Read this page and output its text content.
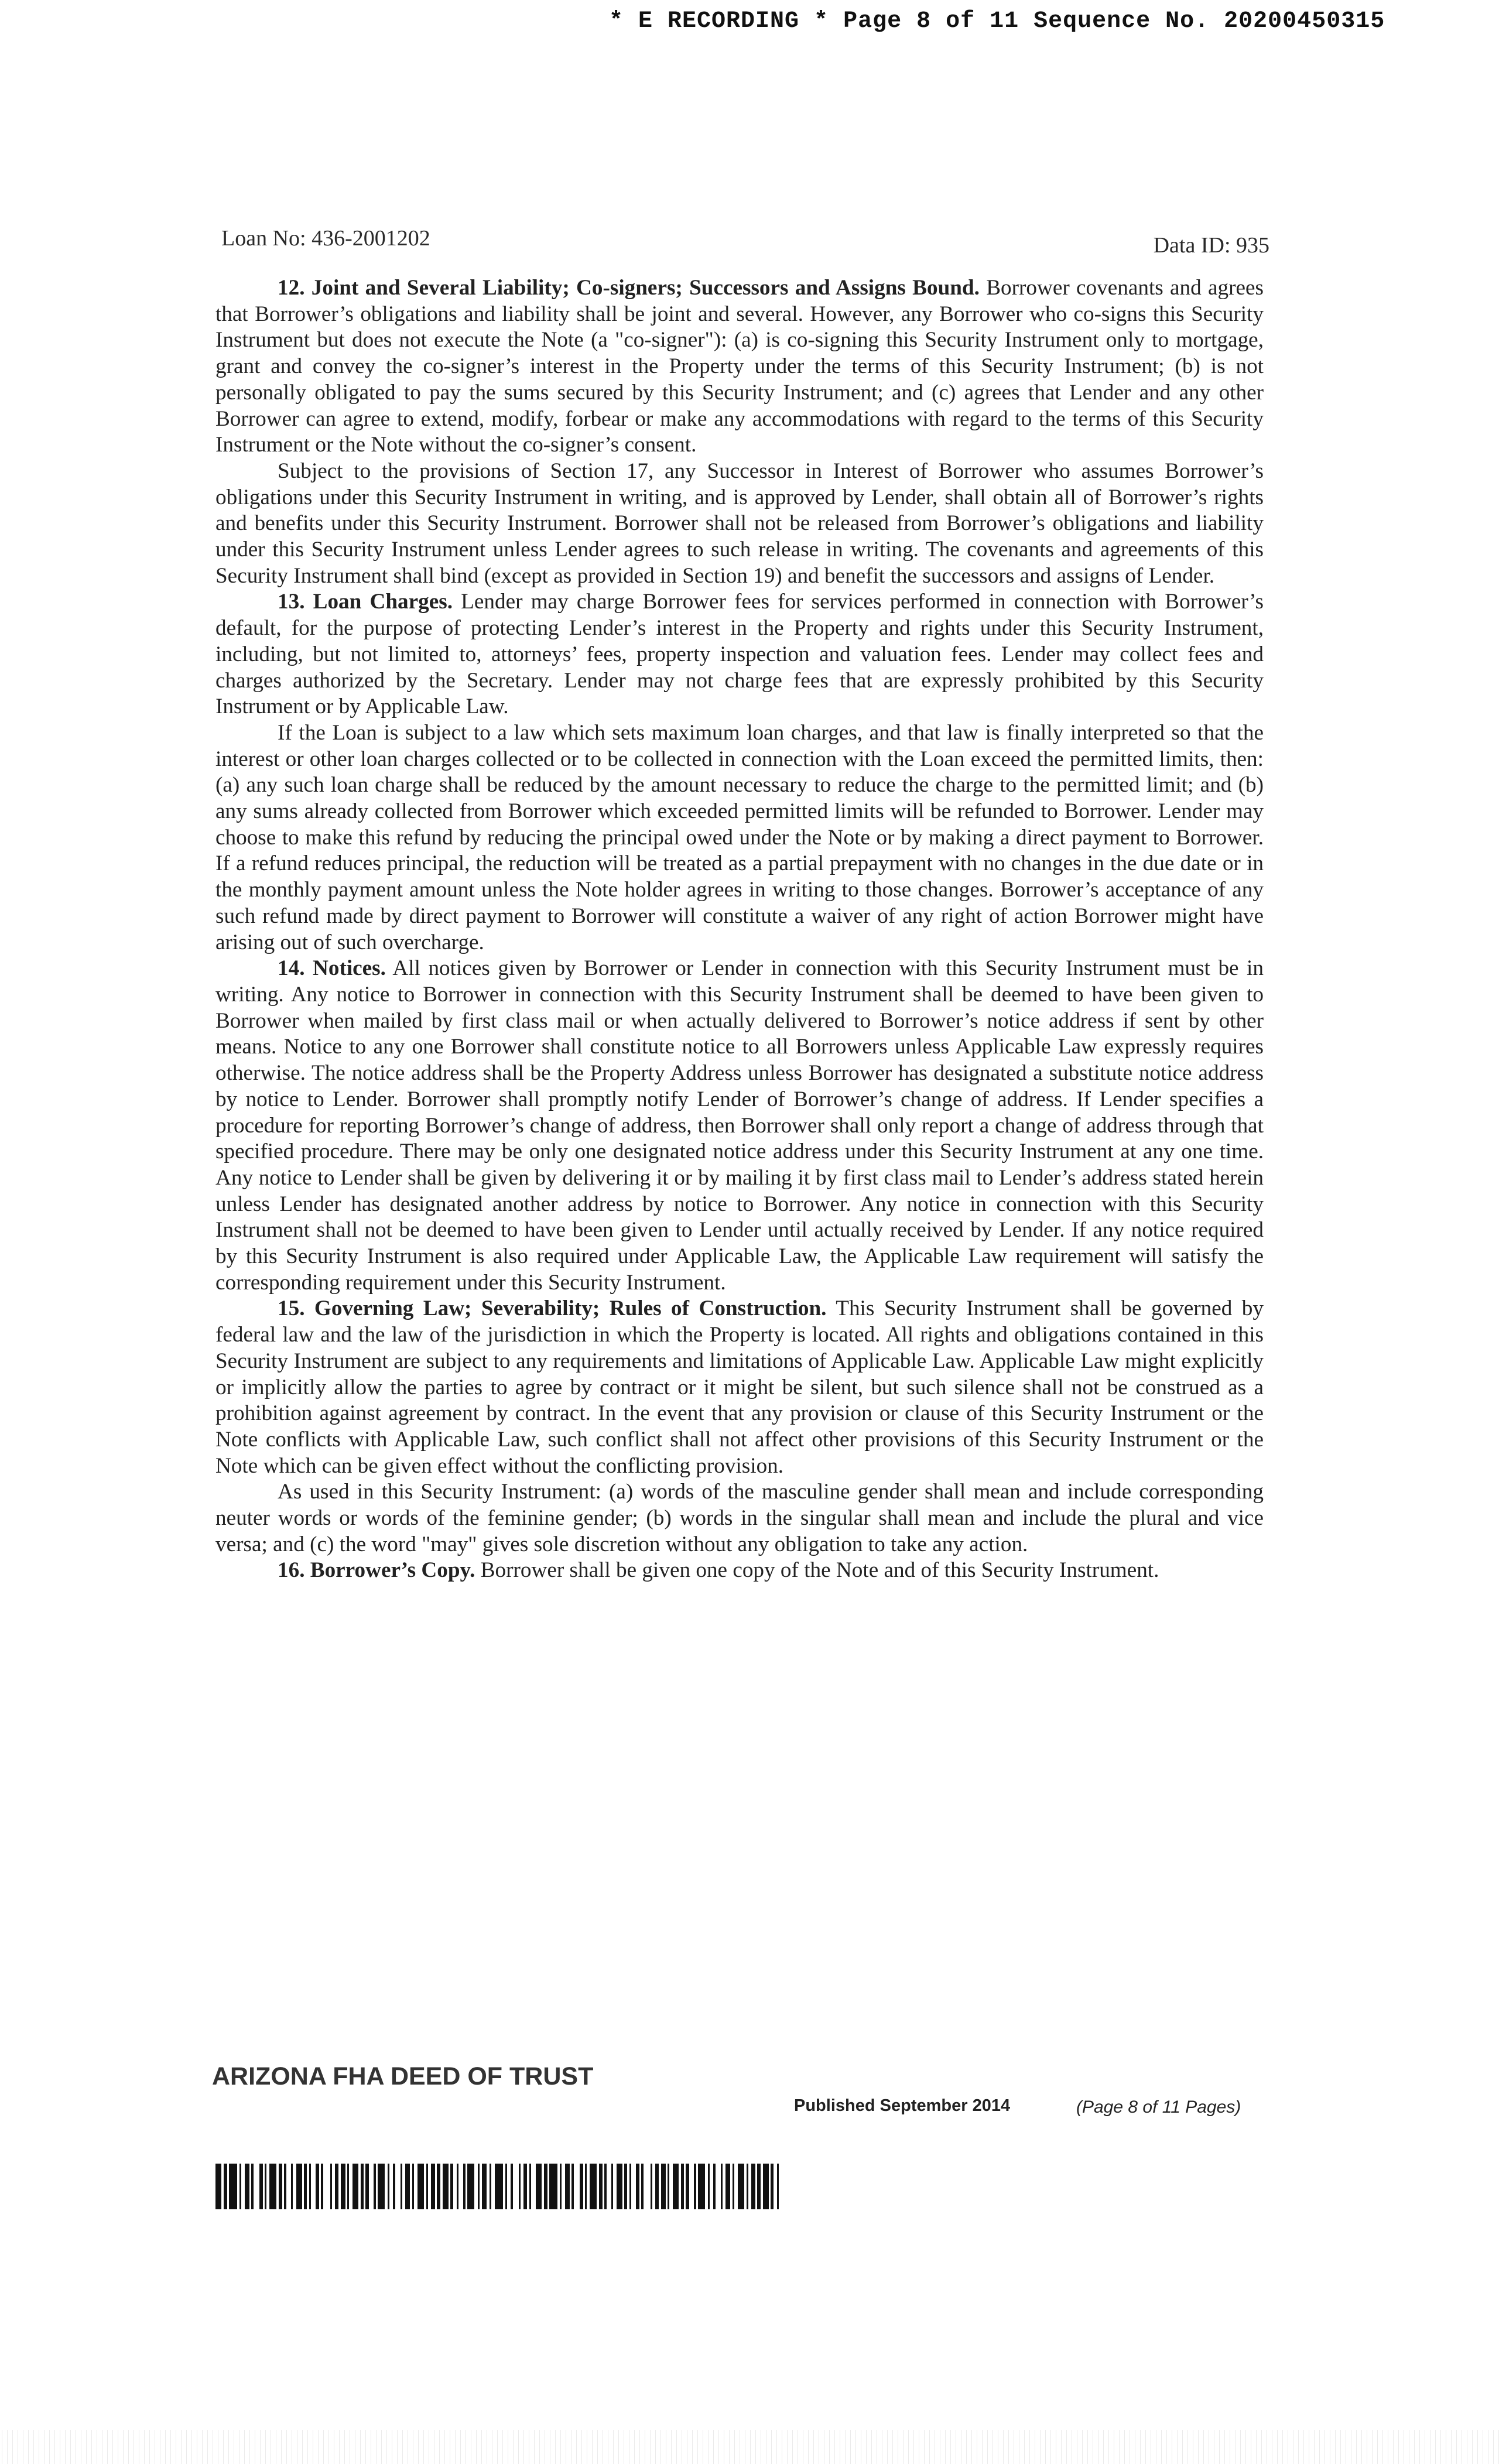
* E RECORDING * Page 8 of 11 Sequence No. 20200450315
Loan No: 436-2001202	Data ID: 935

12. Joint and Several Liability; Co-signers; Successors and Assigns Bound. Borrower covenants and agrees that Borrower’s obligations and liability shall be joint and several. However, any Borrower who co-signs this Security Instrument but does not execute the Note (a "co-signer"): (a) is co-signing this Security Instrument only to mortgage, grant and convey the co-signer’s interest in the Property under the terms of this Security Instrument; (b) is not personally obligated to pay the sums secured by this Security Instrument; and (c) agrees that Lender and any other Borrower can agree to extend, modify, forbear or make any accommodations with regard to the terms of this Security Instrument or the Note without the co-signer’s consent.

Subject to the provisions of Section 17, any Successor in Interest of Borrower who assumes Borrower’s obligations under this Security Instrument in writing, and is approved by Lender, shall obtain all of Borrower’s rights and benefits under this Security Instrument. Borrower shall not be released from Borrower’s obligations and liability under this Security Instrument unless Lender agrees to such release in writing. The covenants and agreements of this Security Instrument shall bind (except as provided in Section 19) and benefit the successors and assigns of Lender.

13. Loan Charges. Lender may charge Borrower fees for services performed in connection with Borrower’s default, for the purpose of protecting Lender’s interest in the Property and rights under this Security Instrument, including, but not limited to, attorneys’ fees, property inspection and valuation fees. Lender may collect fees and charges authorized by the Secretary. Lender may not charge fees that are expressly prohibited by this Security Instrument or by Applicable Law.

If the Loan is subject to a law which sets maximum loan charges, and that law is finally interpreted so that the interest or other loan charges collected or to be collected in connection with the Loan exceed the permitted limits, then: (a) any such loan charge shall be reduced by the amount necessary to reduce the charge to the permitted limit; and (b) any sums already collected from Borrower which exceeded permitted limits will be refunded to Borrower. Lender may choose to make this refund by reducing the principal owed under the Note or by making a direct payment to Borrower. If a refund reduces principal, the reduction will be treated as a partial prepayment with no changes in the due date or in the monthly payment amount unless the Note holder agrees in writing to those changes. Borrower’s acceptance of any such refund made by direct payment to Borrower will constitute a waiver of any right of action Borrower might have arising out of such overcharge.

14. Notices. All notices given by Borrower or Lender in connection with this Security Instrument must be in writing. Any notice to Borrower in connection with this Security Instrument shall be deemed to have been given to Borrower when mailed by first class mail or when actually delivered to Borrower’s notice address if sent by other means. Notice to any one Borrower shall constitute notice to all Borrowers unless Applicable Law expressly requires otherwise. The notice address shall be the Property Address unless Borrower has designated a substitute notice address by notice to Lender. Borrower shall promptly notify Lender of Borrower’s change of address. If Lender specifies a procedure for reporting Borrower’s change of address, then Borrower shall only report a change of address through that specified procedure. There may be only one designated notice address under this Security Instrument at any one time. Any notice to Lender shall be given by delivering it or by mailing it by first class mail to Lender’s address stated herein unless Lender has designated another address by notice to Borrower. Any notice in connection with this Security Instrument shall not be deemed to have been given to Lender until actually received by Lender. If any notice required by this Security Instrument is also required under Applicable Law, the Applicable Law requirement will satisfy the corresponding requirement under this Security Instrument.

15. Governing Law; Severability; Rules of Construction. This Security Instrument shall be governed by federal law and the law of the jurisdiction in which the Property is located. All rights and obligations contained in this Security Instrument are subject to any requirements and limitations of Applicable Law. Applicable Law might explicitly or implicitly allow the parties to agree by contract or it might be silent, but such silence shall not be construed as a prohibition against agreement by contract. In the event that any provision or clause of this Security Instrument or the Note conflicts with Applicable Law, such conflict shall not affect other provisions of this Security Instrument or the Note which can be given effect without the conflicting provision.

As used in this Security Instrument: (a) words of the masculine gender shall mean and include corresponding neuter words or words of the feminine gender; (b) words in the singular shall mean and include the plural and vice versa; and (c) the word "may" gives sole discretion without any obligation to take any action.

16. Borrower’s Copy. Borrower shall be given one copy of the Note and of this Security Instrument.

ARIZONA FHA DEED OF TRUST
Published September 2014	(Page 8 of 11 Pages)
